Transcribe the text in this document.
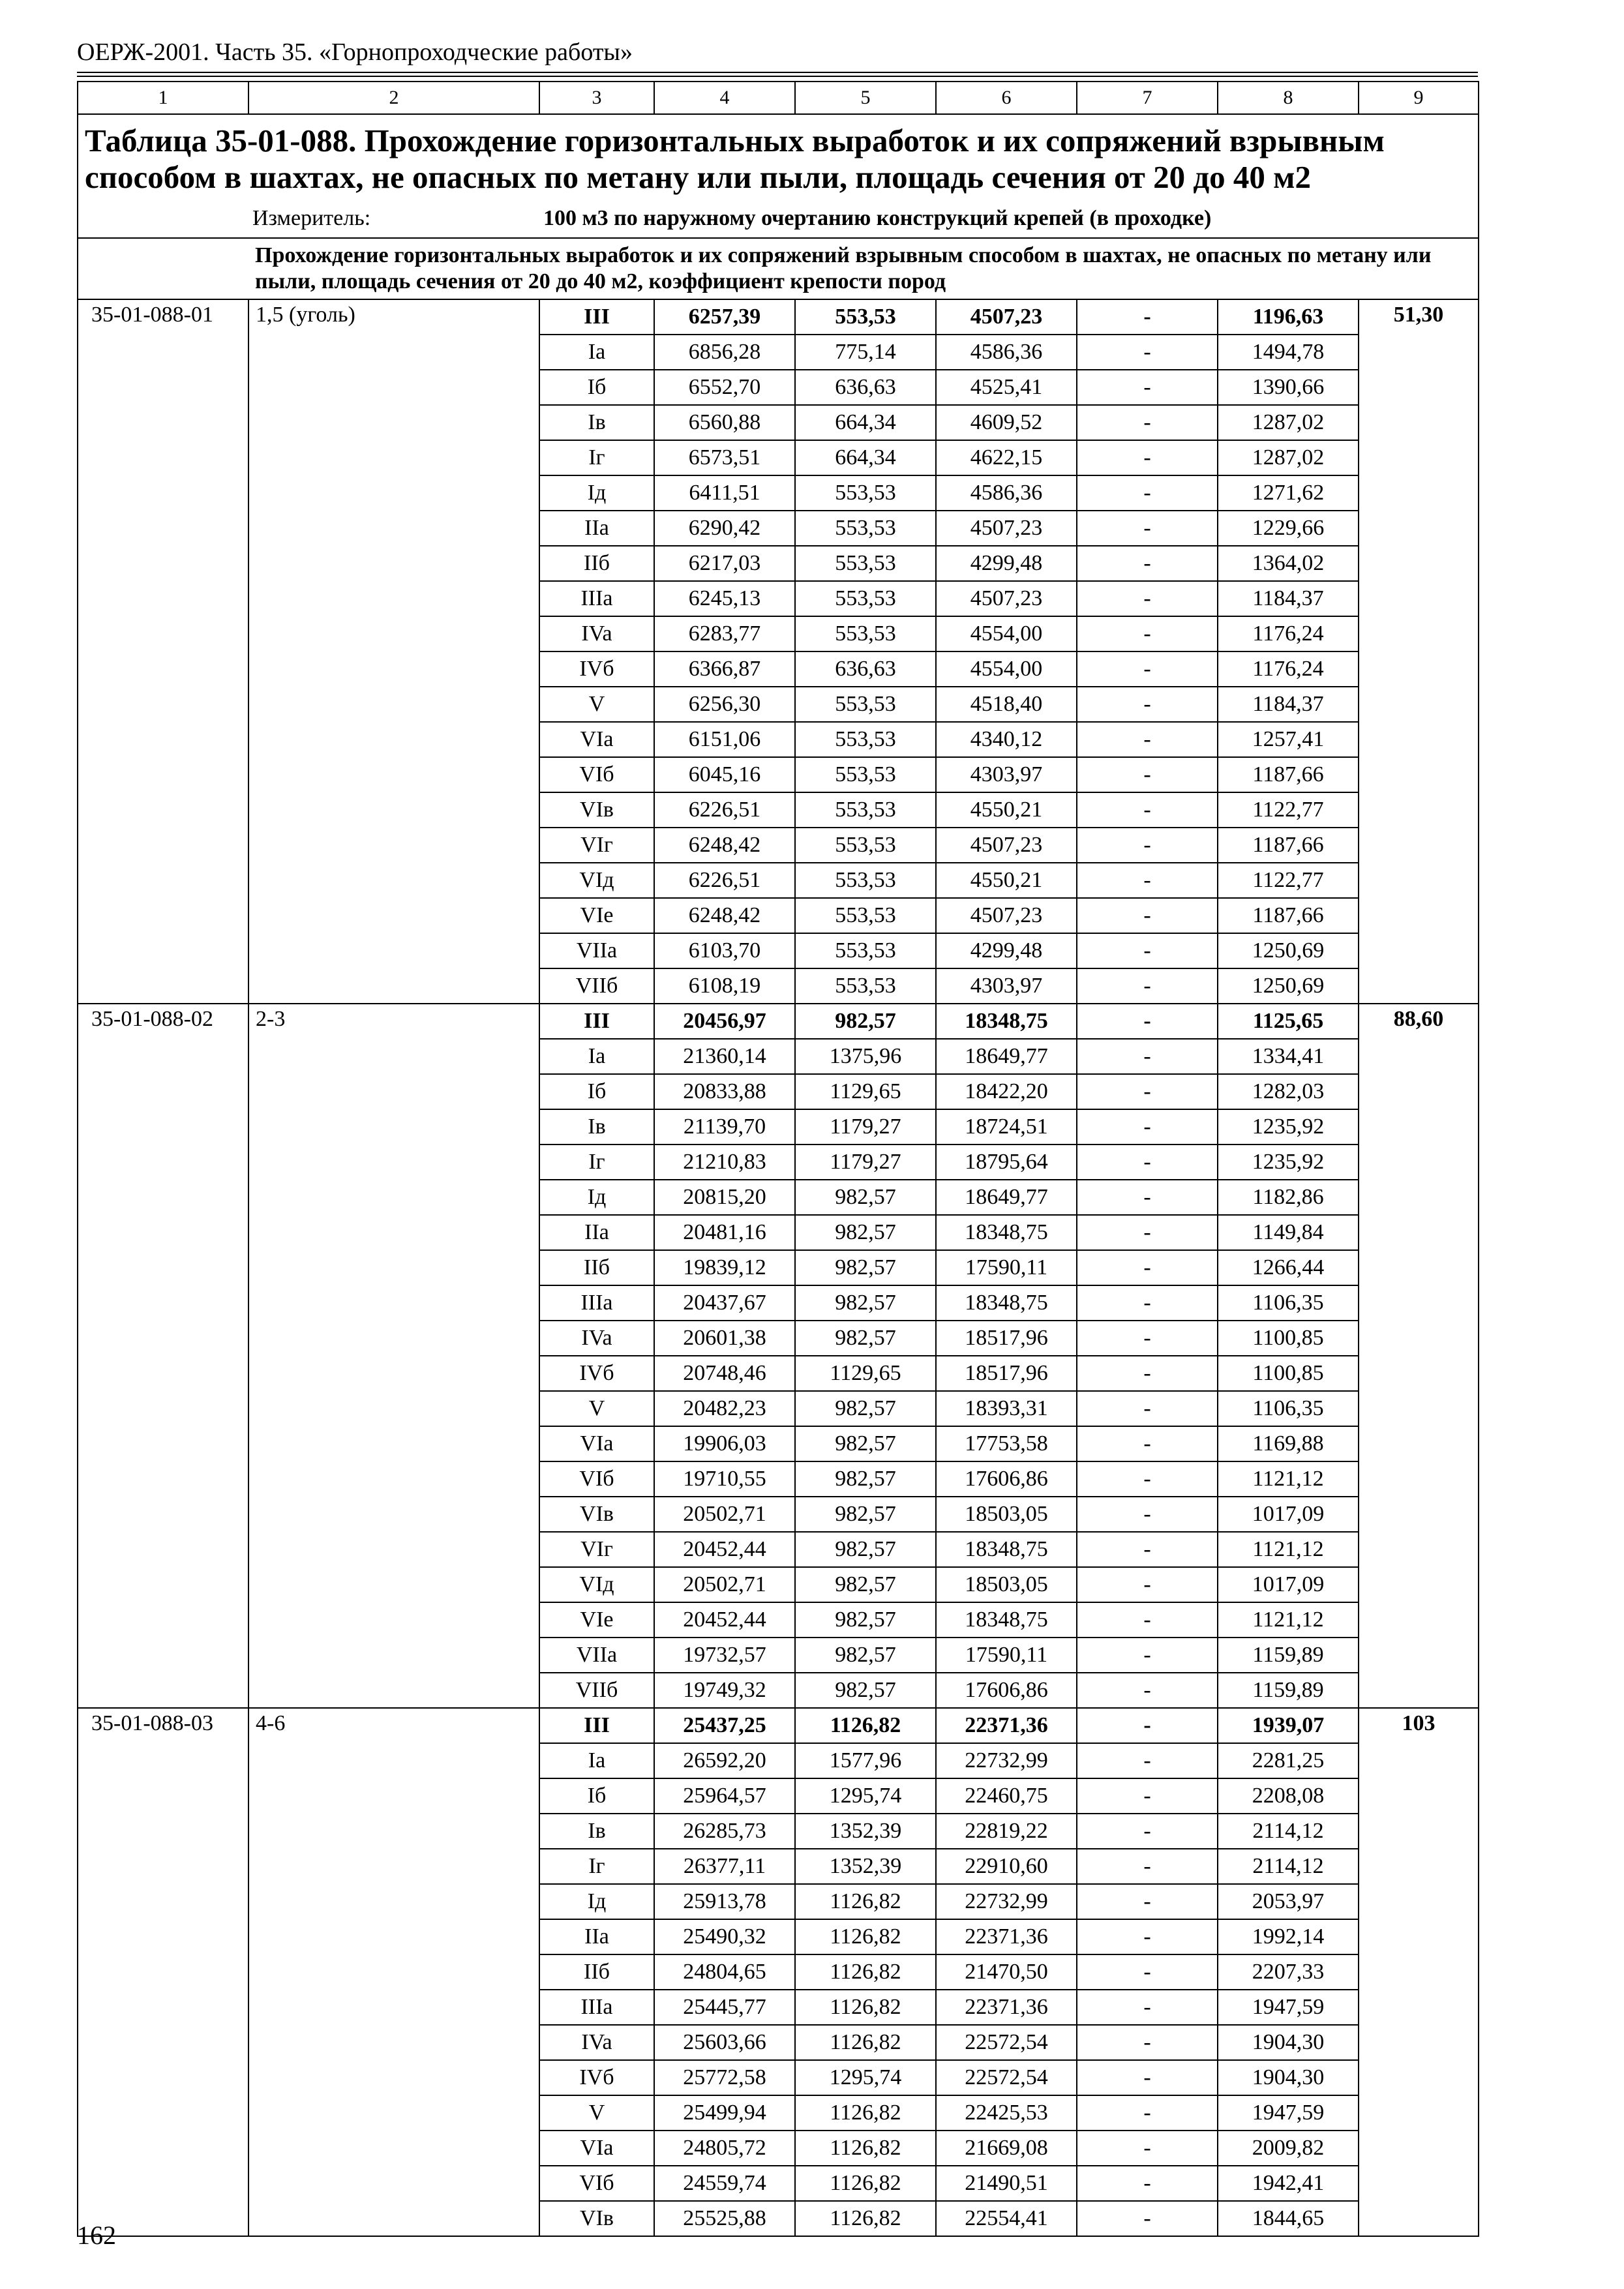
ОЕРЖ-2001. Часть 35. «Горнопроходческие работы»
1	2	3	4	5	6	7	8	9
Таблица 35-01-088. Прохождение горизонтальных выработок и их сопряжений взрывным способом в шахтах, не опасных по метану или пыли, площадь сечения от 20 до 40 м2								
	Измеритель:	100 м3 по наружному очертанию конструкций крепей (в проходке)						
	Прохождение горизонтальных выработок и их сопряжений взрывным способом в шахтах, не опасных по метану или пыли, площадь сечения от 20 до 40 м2, коэффициент крепости пород							
35-01-088-01	1,5 (уголь)	III	6257,39	553,53	4507,23	-	1196,63	51,30
		Ia	6856,28	775,14	4586,36	-	1494,78	
		Iб	6552,70	636,63	4525,41	-	1390,66	
		Iв	6560,88	664,34	4609,52	-	1287,02	
		Iг	6573,51	664,34	4622,15	-	1287,02	
		Iд	6411,51	553,53	4586,36	-	1271,62	
		IIa	6290,42	553,53	4507,23	-	1229,66	
		IIб	6217,03	553,53	4299,48	-	1364,02	
		IIIa	6245,13	553,53	4507,23	-	1184,37	
		IVa	6283,77	553,53	4554,00	-	1176,24	
		IVб	6366,87	636,63	4554,00	-	1176,24	
		V	6256,30	553,53	4518,40	-	1184,37	
		VIa	6151,06	553,53	4340,12	-	1257,41	
		VIб	6045,16	553,53	4303,97	-	1187,66	
		VIв	6226,51	553,53	4550,21	-	1122,77	
		VIг	6248,42	553,53	4507,23	-	1187,66	
		VIд	6226,51	553,53	4550,21	-	1122,77	
		VIe	6248,42	553,53	4507,23	-	1187,66	
		VIIa	6103,70	553,53	4299,48	-	1250,69	
		VIIб	6108,19	553,53	4303,97	-	1250,69	
35-01-088-02	2-3	III	20456,97	982,57	18348,75	-	1125,65	88,60
		Ia	21360,14	1375,96	18649,77	-	1334,41	
		Iб	20833,88	1129,65	18422,20	-	1282,03	
		Iв	21139,70	1179,27	18724,51	-	1235,92	
		Iг	21210,83	1179,27	18795,64	-	1235,92	
		Iд	20815,20	982,57	18649,77	-	1182,86	
		IIa	20481,16	982,57	18348,75	-	1149,84	
		IIб	19839,12	982,57	17590,11	-	1266,44	
		IIIa	20437,67	982,57	18348,75	-	1106,35	
		IVa	20601,38	982,57	18517,96	-	1100,85	
		IVб	20748,46	1129,65	18517,96	-	1100,85	
		V	20482,23	982,57	18393,31	-	1106,35	
		VIa	19906,03	982,57	17753,58	-	1169,88	
		VIб	19710,55	982,57	17606,86	-	1121,12	
		VIв	20502,71	982,57	18503,05	-	1017,09	
		VIг	20452,44	982,57	18348,75	-	1121,12	
		VIд	20502,71	982,57	18503,05	-	1017,09	
		VIe	20452,44	982,57	18348,75	-	1121,12	
		VIIa	19732,57	982,57	17590,11	-	1159,89	
		VIIб	19749,32	982,57	17606,86	-	1159,89	
35-01-088-03	4-6	III	25437,25	1126,82	22371,36	-	1939,07	103
		Ia	26592,20	1577,96	22732,99	-	2281,25	
		Iб	25964,57	1295,74	22460,75	-	2208,08	
		Iв	26285,73	1352,39	22819,22	-	2114,12	
		Iг	26377,11	1352,39	22910,60	-	2114,12	
		Iд	25913,78	1126,82	22732,99	-	2053,97	
		IIa	25490,32	1126,82	22371,36	-	1992,14	
		IIб	24804,65	1126,82	21470,50	-	2207,33	
		IIIa	25445,77	1126,82	22371,36	-	1947,59	
		IVa	25603,66	1126,82	22572,54	-	1904,30	
		IVб	25772,58	1295,74	22572,54	-	1904,30	
		V	25499,94	1126,82	22425,53	-	1947,59	
		VIa	24805,72	1126,82	21669,08	-	2009,82	
		VIб	24559,74	1126,82	21490,51	-	1942,41	
		VIв	25525,88	1126,82	22554,41	-	1844,65	
162
